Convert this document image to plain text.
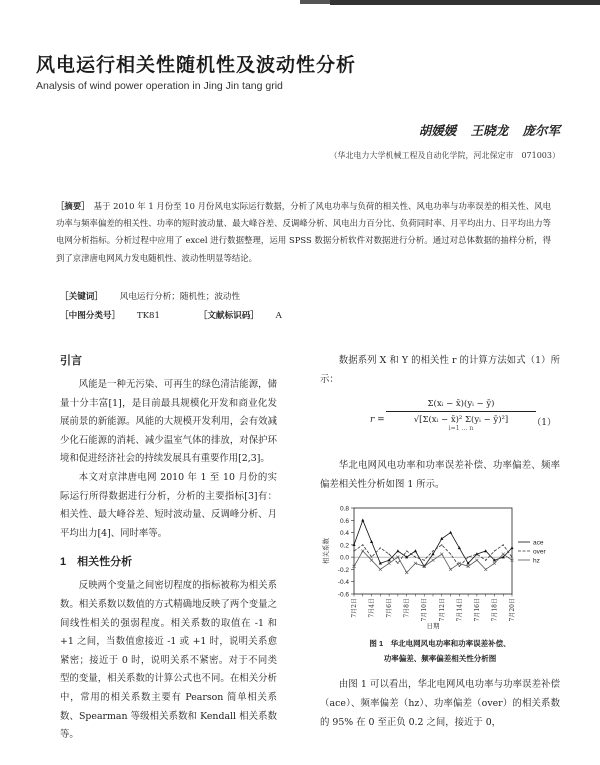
风电运行相关性随机性及波动性分析
Analysis of wind power operation in Jing Jin tang grid
胡媛媛 王晓龙 庞尔军
（华北电力大学机械工程及自动化学院，河北保定市　071003）
［摘要］ 基于 2010 年 1 月份至 10 月份风电实际运行数据，分析了风电功率与负荷的相关性、风电功率与功率误差的相关性、风电功率与频率偏差的相关性、功率的短时波动量、最大峰谷差、反调峰分析、风电出力百分比、负荷同时率、月平均出力、日平均出力等电网分析指标。分析过程中应用了 excel 进行数据整理，运用 SPSS 数据分析软件对数据进行分析。通过对总体数据的抽样分析，得到了京津唐电网风力发电随机性、波动性明显等结论。
［关键词］ 风电运行分析；随机性；波动性
［中图分类号］ TK81	［文献标识码］ A
引言

风能是一种无污染、可再生的绿色清洁能源，储量十分丰富[1]，是目前最具规模化开发和商业化发展前景的新能源。风能的大规模开发利用，会有效减少化石能源的消耗、减少温室气体的排放，对保护环境和促进经济社会的持续发展具有重要作用[2,3]。

本文对京津唐电网 2010 年 1 至 10 月份的实际运行所得数据进行分析，分析的主要指标[3]有：相关性、最大峰谷差、短时波动量、反调峰分析、月平均出力[4]、同时率等。

1　相关性分析

反映两个变量之间密切程度的指标被称为相关系数。相关系数以数值的方式精确地反映了两个变量之间线性相关的强弱程度。相关系数的取值在 -1 和 +1 之间，当数值愈接近 -1 或 +1 时，说明关系愈紧密；接近于 0 时，说明关系不紧密。对于不同类型的变量，相关系数的计算公式也不同。在相关分析中，常用的相关系数主要有 Pearson 简单相关系数、Spearman 等级相关系数和 Kendall 相关系数等。

数据系列 X 和 Y 的相关性 r 的计算方法如式（1）所示：

r =
Σ(xᵢ − x̄)(yᵢ − ȳ)
√[Σ(xᵢ − x̄)² Σ(yᵢ − ȳ)²]
i=1 … n
（1）

华北电网风电功率和功率误差补偿、功率偏差、频率偏差相关性分析如图 1 所示。

-0.6
-0.4
-0.2
0.0
0.2
0.4
0.6
0.8
相关系数
7月2日 7月4日 7月6日 7月8日 7月10日 7月12日 7月14日 7月16日 7月18日 7月20日
日期
ace
over
hz
图 1　华北电网风电功率和功率误差补偿、
功率偏差、频率偏差相关性分析图

由图 1 可以看出，华北电网风电功率与功率误差补偿（ace）、频率偏差（hz）、功率偏差（over）的相关系数的 95% 在 0 至正负 0.2 之间，接近于 0，
